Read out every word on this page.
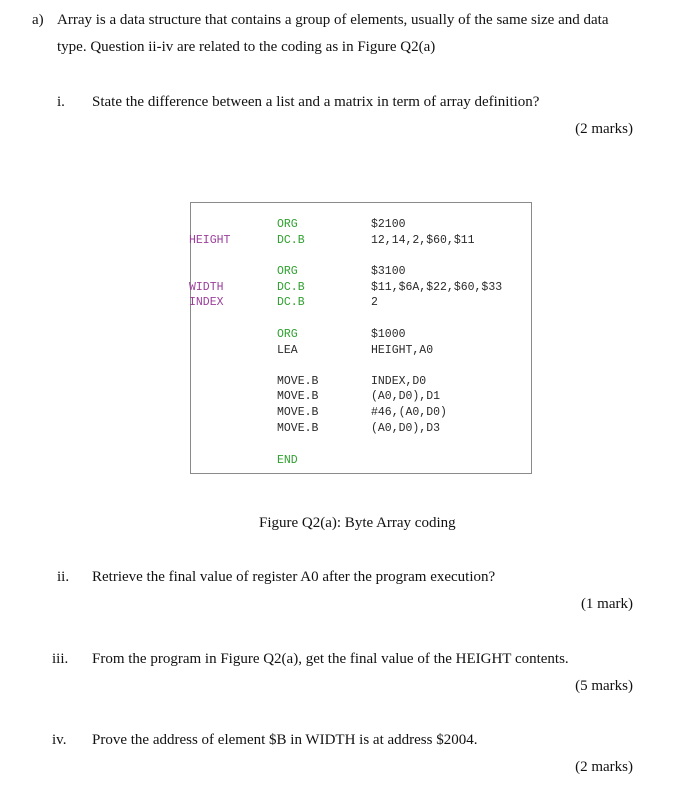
a) Array is a data structure that contains a group of elements, usually of the same size and data
type. Question ii-iv are related to the coding as in Figure Q2(a)
i. State the difference between a list and a matrix in term of array definition?
(2 marks)
HEIGHT
WIDTH
INDEX
ORG
DC.B
ORG
DC.B
DC.B
ORG
LEA
MOVE.B
MOVE.B
MOVE.B
MOVE.B
END
$2100
12,14,2,$60,$11
$3100
$11,$6A,$22,$60,$33
2
$1000
HEIGHT,A0
INDEX,D0
(A0,D0),D1
#46,(A0,D0)
(A0,D0),D3
Figure Q2(a): Byte Array coding
ii. Retrieve the final value of register A0 after the program execution?
(1 mark)
iii. From the program in Figure Q2(a), get the final value of the HEIGHT contents.
(5 marks)
iv. Prove the address of element $B in WIDTH is at address $2004.
(2 marks)
